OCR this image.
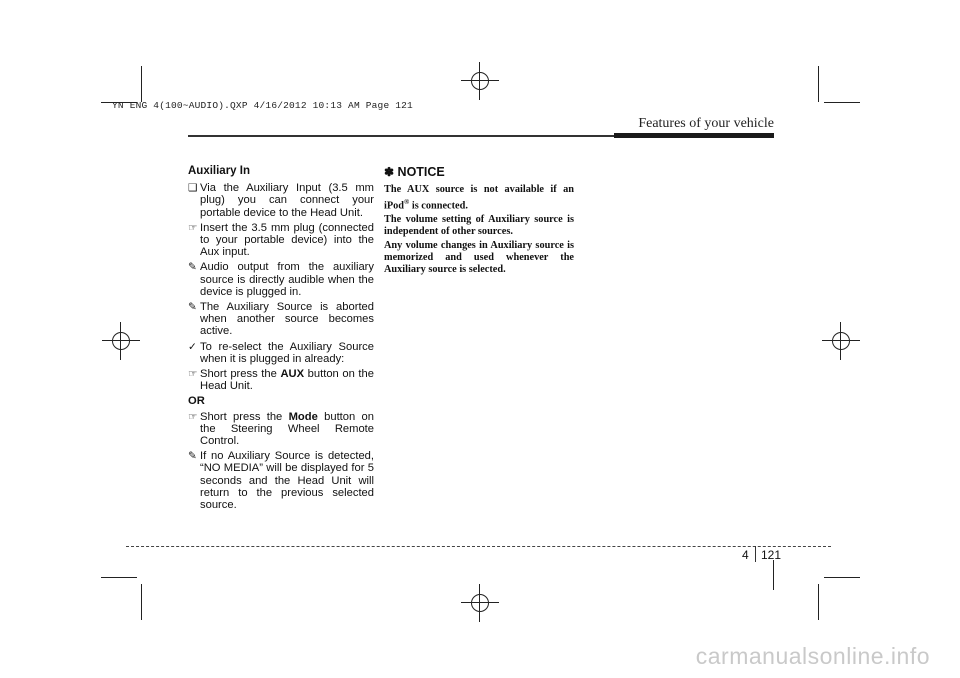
YN ENG 4(100~AUDIO).QXP 4/16/2012 10:13 AM Page 121
Features of your vehicle
Auxiliary In
❑ Via the Auxiliary Input (3.5 mm plug) you can connect your portable device to the Head Unit.
☞ Insert the 3.5 mm plug (connected to your portable device) into the Aux input.
✎ Audio output from the auxiliary source is directly audible when the device is plugged in.
✎ The Auxiliary Source is aborted when another source becomes active.
✓ To re-select the Auxiliary Source when it is plugged in already:
☞ Short press the AUX button on the Head Unit.
OR
☞ Short press the Mode button on the Steering Wheel Remote Control.
✎ If no Auxiliary Source is detected, “NO MEDIA” will be displayed for 5 seconds and the Head Unit will return to the previous selected source.
✽ NOTICE

The AUX source is not available if an iPod® is connected.

The volume setting of Auxiliary source is independent of other sources.

Any volume changes in Auxiliary source is memorized and used whenever the Auxiliary source is selected.

4 121
carmanualsonline.info
